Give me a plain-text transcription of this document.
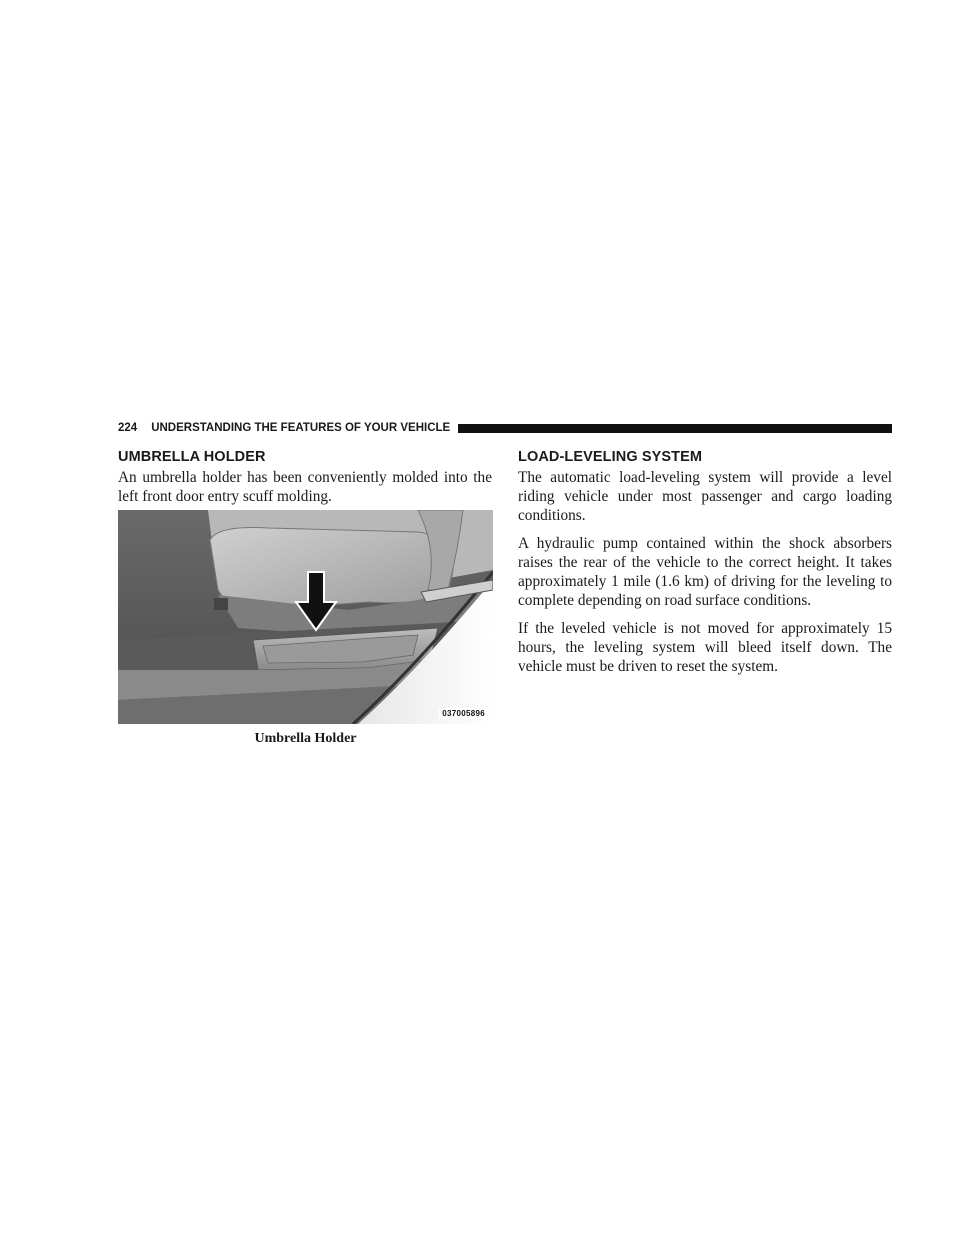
224 UNDERSTANDING THE FEATURES OF YOUR VEHICLE
UMBRELLA HOLDER

An umbrella holder has been conveniently molded into the left front door entry scuff molding.

037005896
Umbrella Holder
LOAD-LEVELING SYSTEM

The automatic load-leveling system will provide a level riding vehicle under most passenger and cargo loading conditions.

A hydraulic pump contained within the shock absorbers raises the rear of the vehicle to the correct height. It takes approximately 1 mile (1.6 km) of driving for the leveling to complete depending on road surface conditions.

If the leveled vehicle is not moved for approximately 15 hours, the leveling system will bleed itself down. The vehicle must be driven to reset the system.
